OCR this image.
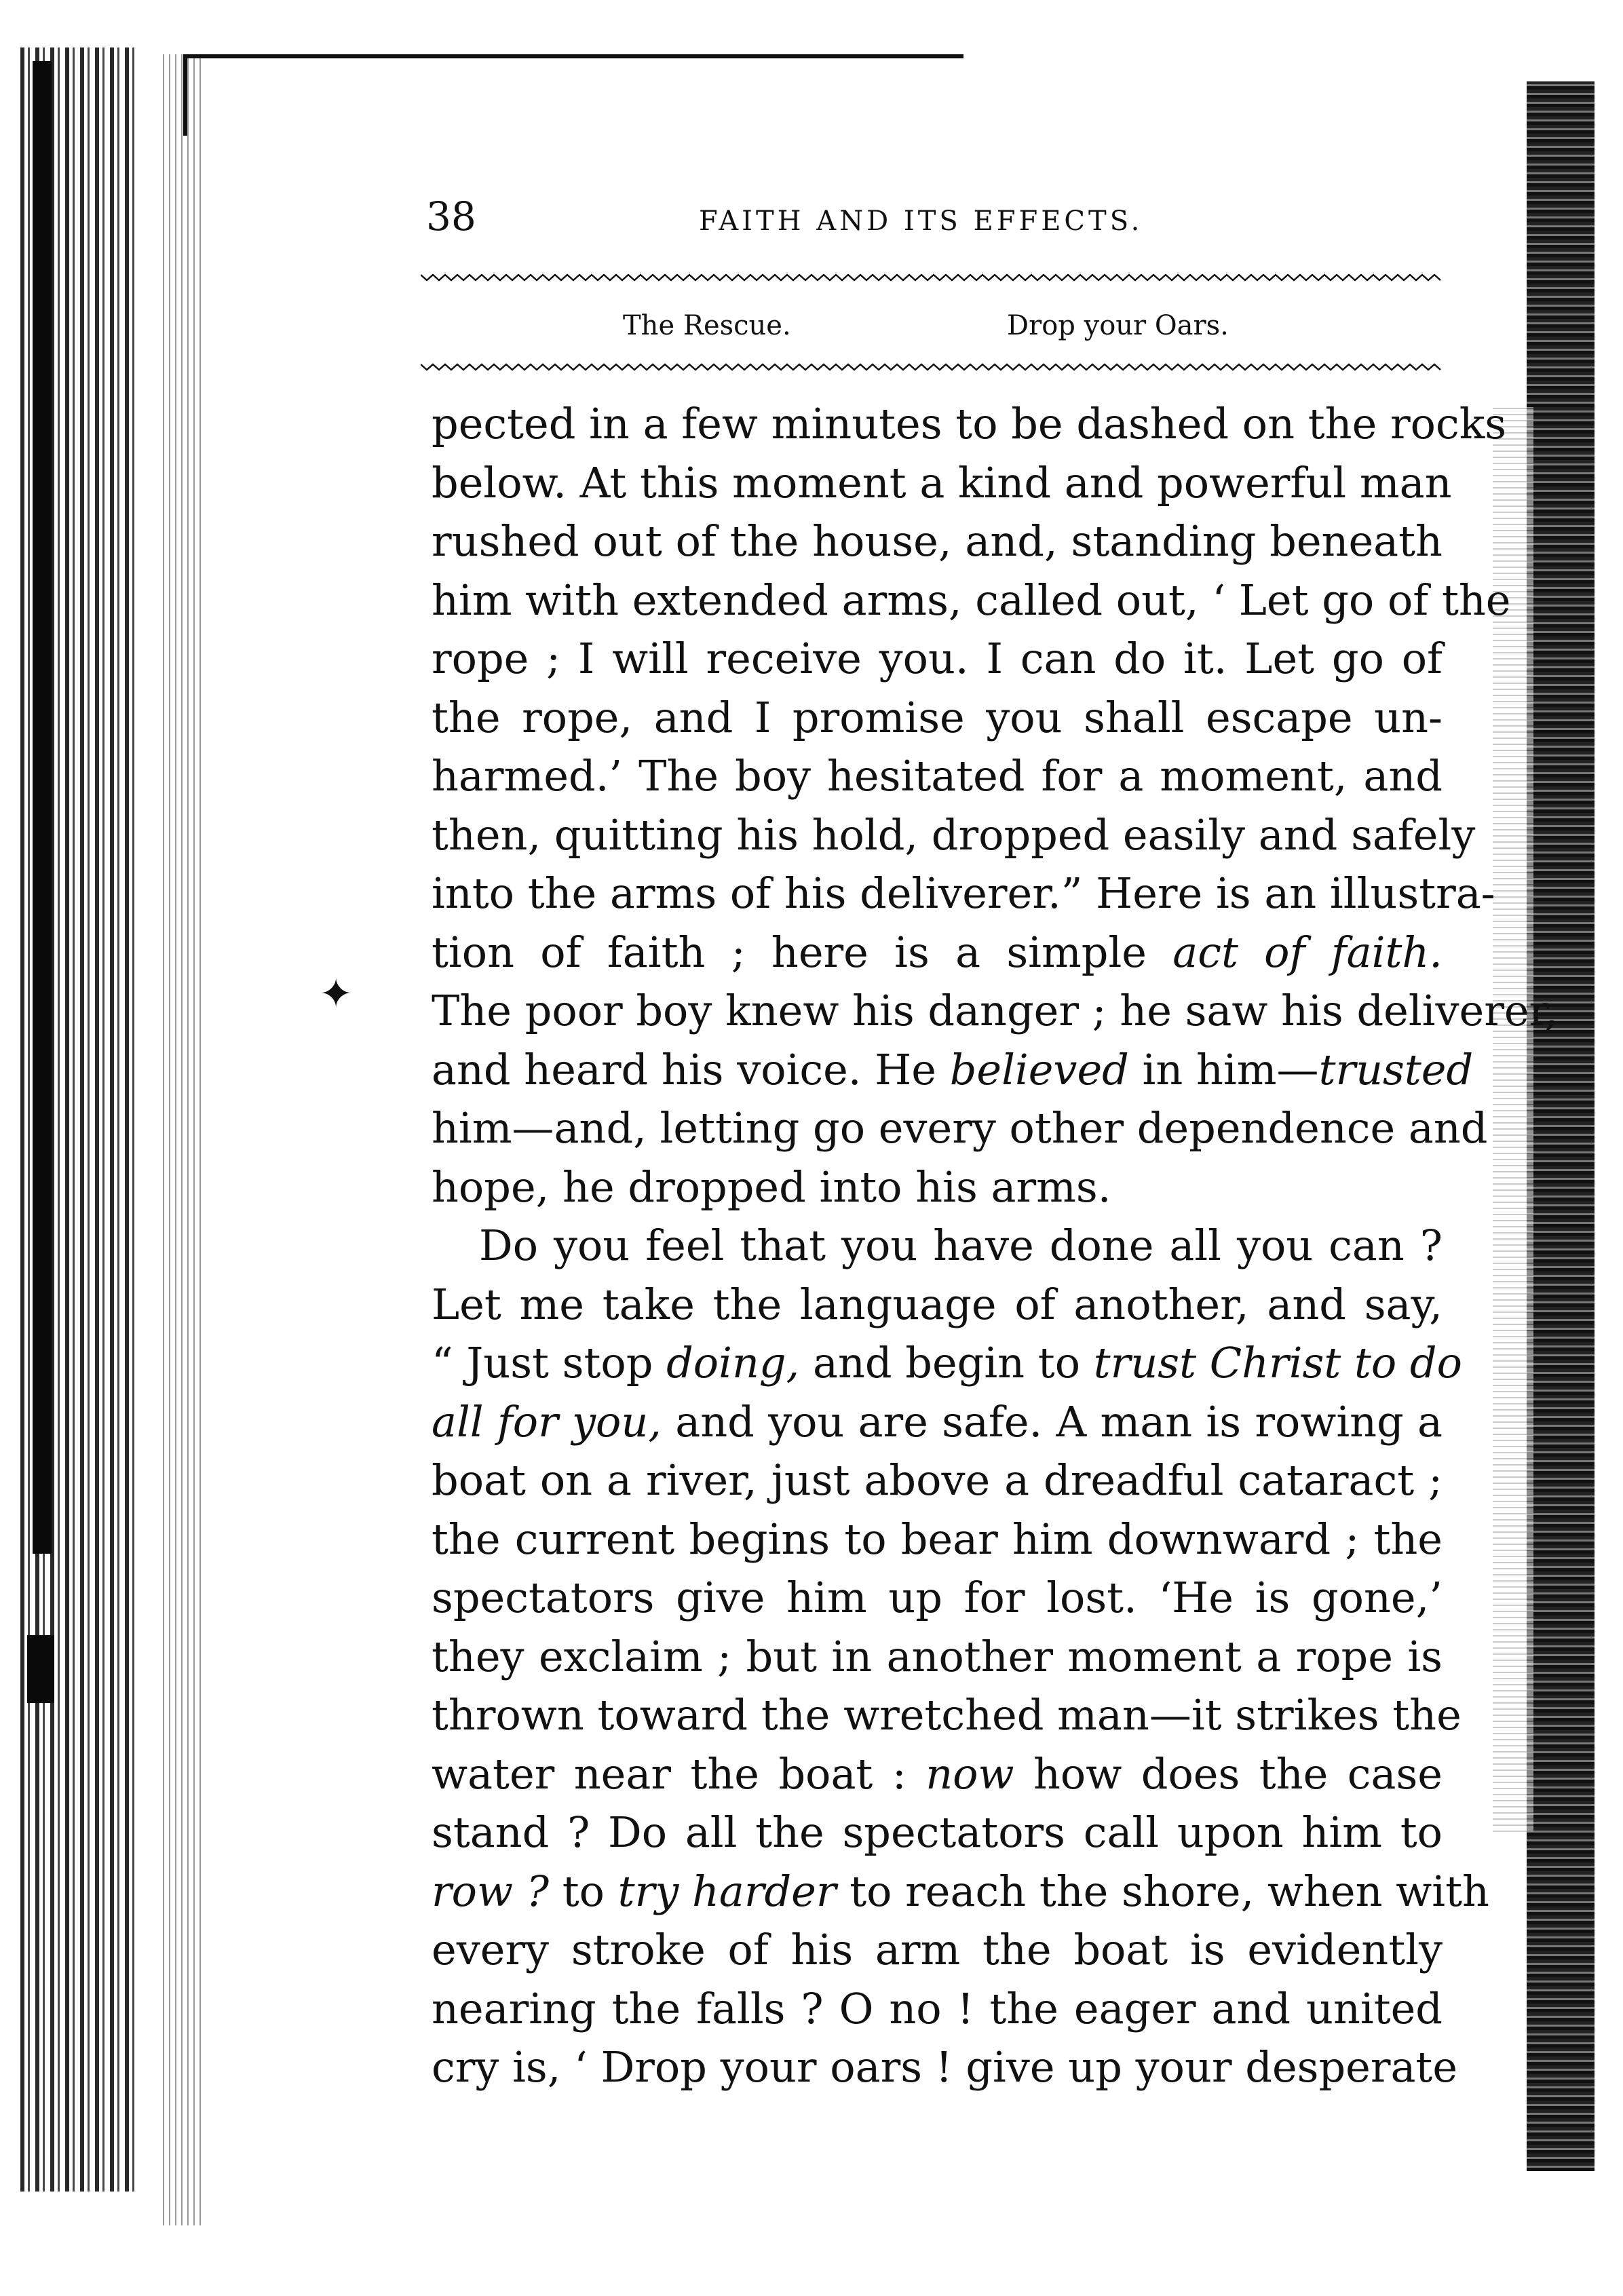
38	FAITH AND ITS EFFECTS.
The Rescue.	Drop your Oars.
pected in a few minutes to be dashed on the rocks
below. At this moment a kind and powerful man
rushed out of the house, and, standing beneath
him with extended arms, called out, ‘ Let go of the
rope ; I will receive you. I can do it. Let go of
the rope, and I promise you shall escape un-
harmed.’ The boy hesitated for a moment, and
then, quitting his hold, dropped easily and safely
into the arms of his deliverer.” Here is an illustra-
tion of faith ; here is a simple act of faith.
The poor boy knew his danger ; he saw his deliverer,
and heard his voice. He believed in him—trusted
him—and, letting go every other dependence and
hope, he dropped into his arms.
Do you feel that you have done all you can ?
Let me take the language of another, and say,
“ Just stop doing, and begin to trust Christ to do
all for you, and you are safe. A man is rowing a
boat on a river, just above a dreadful cataract ;
the current begins to bear him downward ; the
spectators give him up for lost. ‘He is gone,’
they exclaim ; but in another moment a rope is
thrown toward the wretched man—it strikes the
water near the boat : now how does the case
stand ? Do all the spectators call upon him to
row ? to try harder to reach the shore, when with
every stroke of his arm the boat is evidently
nearing the falls ? O no ! the eager and united
cry is, ‘ Drop your oars ! give up your desperate
✦
